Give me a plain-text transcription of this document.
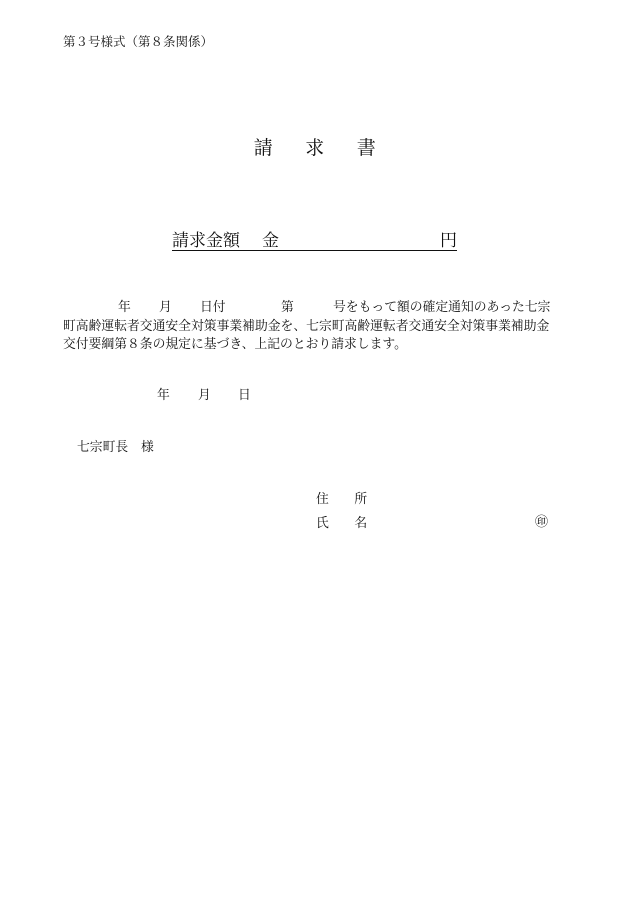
第３号様式（第８条関係）
請 求 書
請求金額 金	円
年 月 日付	第	号をもって額の確定通知のあった七宗
町高齢運転者交通安全対策事業補助金を、七宗町高齢運転者交通安全対策事業補助金
交付要綱第８条の規定に基づき、上記のとおり請求します。
年 月 日
七宗町長　様
住　　所
氏　　名	㊞
